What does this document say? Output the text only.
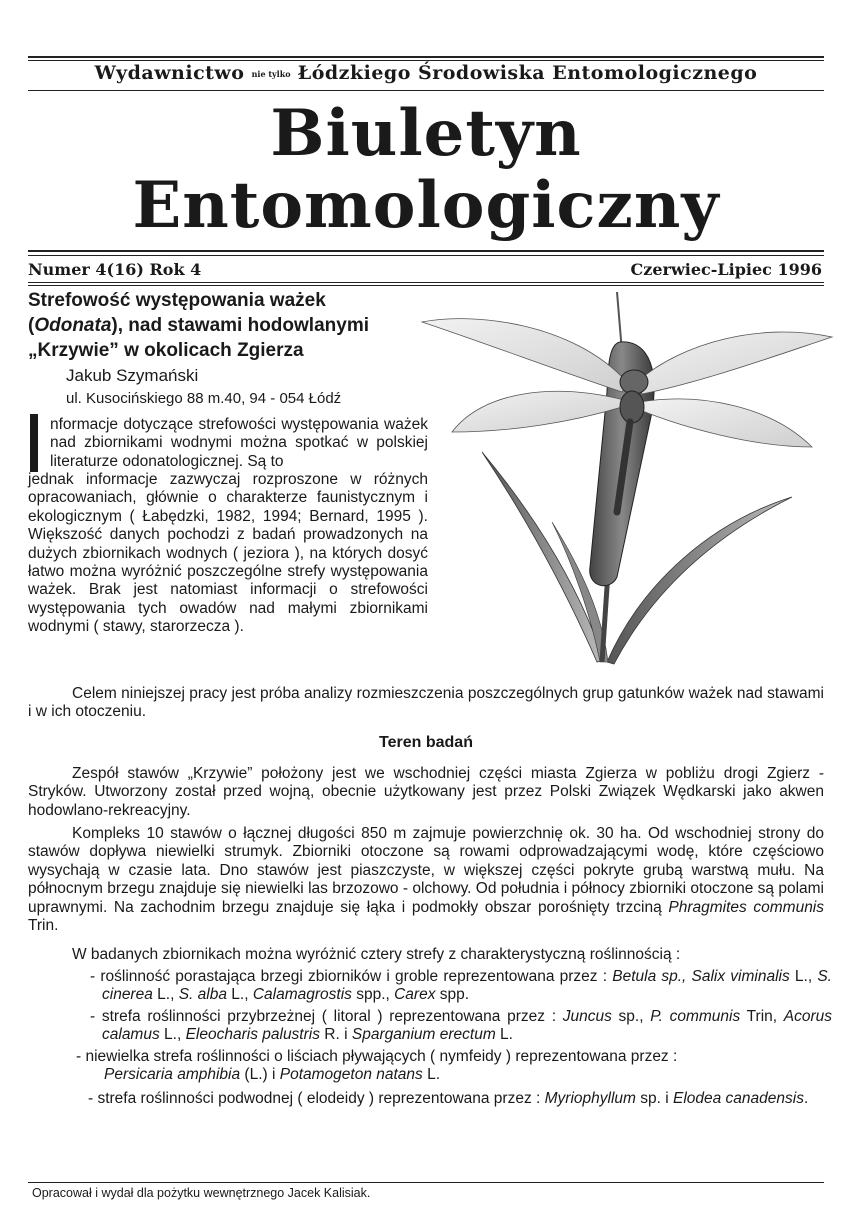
Wydawnictwo nie tylko Łódzkiego Środowiska Entomologicznego
Biuletyn
Entomologiczny
Numer 4(16) Rok 4	Czerwiec-Lipiec 1996
Strefowość występowania ważek
(Odonata), nad stawami hodowlanymi
„Krzywie” w okolicach Zgierza
Jakub Szymański
ul. Kusocińskiego 88 m.40, 94 - 054 Łódź
nformacje dotyczące strefowości występowania ważek nad zbiornikami wodnymi można spotkać w polskiej literaturze odonatologicznej. Są to
jednak informacje zazwyczaj rozproszone w różnych opracowaniach, głównie o charakterze faunistycznym i ekologicznym ( Łabędzki, 1982, 1994; Bernard, 1995 ). Większość danych pochodzi z badań prowadzonych na dużych zbiornikach wodnych ( jeziora ), na których dosyć łatwo można wyróżnić poszczególne strefy występowania ważek. Brak jest natomiast informacji o strefowości występowania tych owadów nad małymi zbiornikami wodnymi ( stawy, starorzecza ).
Celem niniejszej pracy jest próba analizy rozmieszczenia poszczególnych grup gatunków ważek nad stawami i w ich otoczeniu.
Teren badań
Zespół stawów „Krzywie” położony jest we wschodniej części miasta Zgierza w pobliżu drogi Zgierz - Stryków. Utworzony został przed wojną, obecnie użytkowany jest przez Polski Związek Wędkarski jako akwen hodowlano-rekreacyjny.
Kompleks 10 stawów o łącznej długości 850 m zajmuje powierzchnię ok. 30 ha. Od wschodniej strony do stawów dopływa niewielki strumyk. Zbiorniki otoczone są rowami odprowadzającymi wodę, które częściowo wysychają w czasie lata. Dno stawów jest piaszczyste, w większej części pokryte grubą warstwą mułu. Na północnym brzegu znajduje się niewielki las brzozowo - olchowy. Od południa i północy zbiorniki otoczone są polami uprawnymi. Na zachodnim brzegu znajduje się łąka i podmokły obszar porośnięty trzciną Phragmites communis Trin.
W badanych zbiornikach można wyróżnić cztery strefy z charakterystyczną roślinnością :
- roślinność porastająca brzegi zbiorników i groble reprezentowana przez : Betula sp., Salix viminalis L., S. cinerea L., S. alba L., Calamagrostis spp., Carex spp.
- strefa roślinności przybrzeżnej ( litoral ) reprezentowana przez : Juncus sp., P. communis Trin, Acorus calamus L., Eleocharis palustris R. i Sparganium erectum L.
- niewielka strefa roślinności o liściach pływających ( nymfeidy ) reprezentowana przez :
Persicaria amphibia (L.) i Potamogeton natans L.
- strefa roślinności podwodnej ( elodeidy ) reprezentowana przez : Myriophyllum sp. i Elodea canadensis.
Opracował i wydał dla pożytku wewnętrznego Jacek Kalisiak.
